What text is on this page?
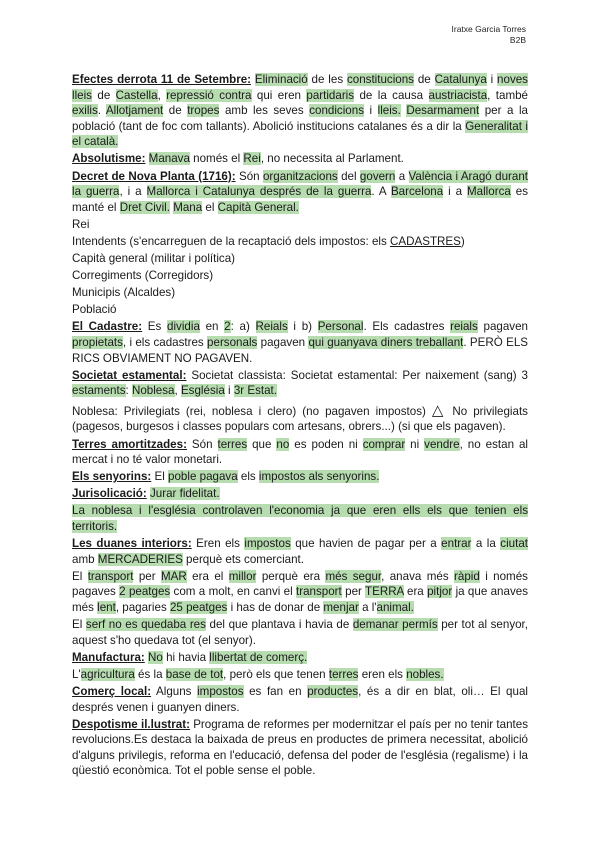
Iratxe Garcia Torres
B2B

Efectes derrota 11 de Setembre: Eliminació de les constitucions de Catalunya i noves lleis de Castella, repressió contra qui eren partidaris de la causa austriacista, també exilis. Allotjament de tropes amb les seves condicions i lleis. Desarmament per a la població (tant de foc com tallants). Abolició institucions catalanes és a dir la Generalitat i el català.

Absolutisme: Manava només el Rei, no necessita al Parlament.

Decret de Nova Planta (1716): Són organitzacions del govern a València i Aragó durant la guerra, i a Mallorca i Catalunya després de la guerra. A Barcelona i a Mallorca es manté el Dret Civil. Mana el Capità General.

Rei

Intendents (s'encarreguen de la recaptació dels impostos: els CADASTRES)

Capità general (militar i política)

Corregiments (Corregidors)

Municipis (Alcaldes)

Població

El Cadastre: Es dividia en 2: a) Reials i b) Personal. Els cadastres reials pagaven propietats, i els cadastres personals pagaven qui guanyava diners treballant. PERÒ ELS RICS OBVIAMENT NO PAGAVEN.

Societat estamental: Societat classista: Societat estamental: Per naixement (sang) 3 estaments: Noblesa, Església i 3r Estat.

Noblesa: Privilegiats (rei, noblesa i clero) (no pagaven impostos) △ No privilegiats (pagesos, burgesos i classes populars com artesans, obrers...) (si que els pagaven).

Terres amortitzades: Són terres que no es poden ni comprar ni vendre, no estan al mercat i no té valor monetari.

Els senyorins: El poble pagava els impostos als senyorins.

Jurisolicació: Jurar fidelitat.

La noblesa i l'església controlaven l'economia ja que eren ells els que tenien els territoris.

Les duanes interiors: Eren els impostos que havien de pagar per a entrar a la ciutat amb MERCADERIES perquè ets comerciant.

El transport per MAR era el millor perquè era més segur, anava més ràpid i només pagaves 2 peatges com a molt, en canvi el transport per TERRA era pitjor ja que anaves més lent, pagaries 25 peatges i has de donar de menjar a l'animal.

El serf no es quedaba res del que plantava i havia de demanar permís per tot al senyor, aquest s'ho quedava tot (el senyor).

Manufactura: No hi havia llibertat de comerç.

L'agricultura és la base de tot, però els que tenen terres eren els nobles.

Comerç local: Alguns impostos es fan en productes, és a dir en blat, oli… El qual després venen i guanyen diners.

Despotisme il.lustrat: Programa de reformes per modernitzar el país per no tenir tantes revolucions.Es destaca la baixada de preus en productes de primera necessitat, abolició d'alguns privilegis, reforma en l'educació, defensa del poder de l'església (regalisme) i la qüestió econòmica. Tot el poble sense el poble.
